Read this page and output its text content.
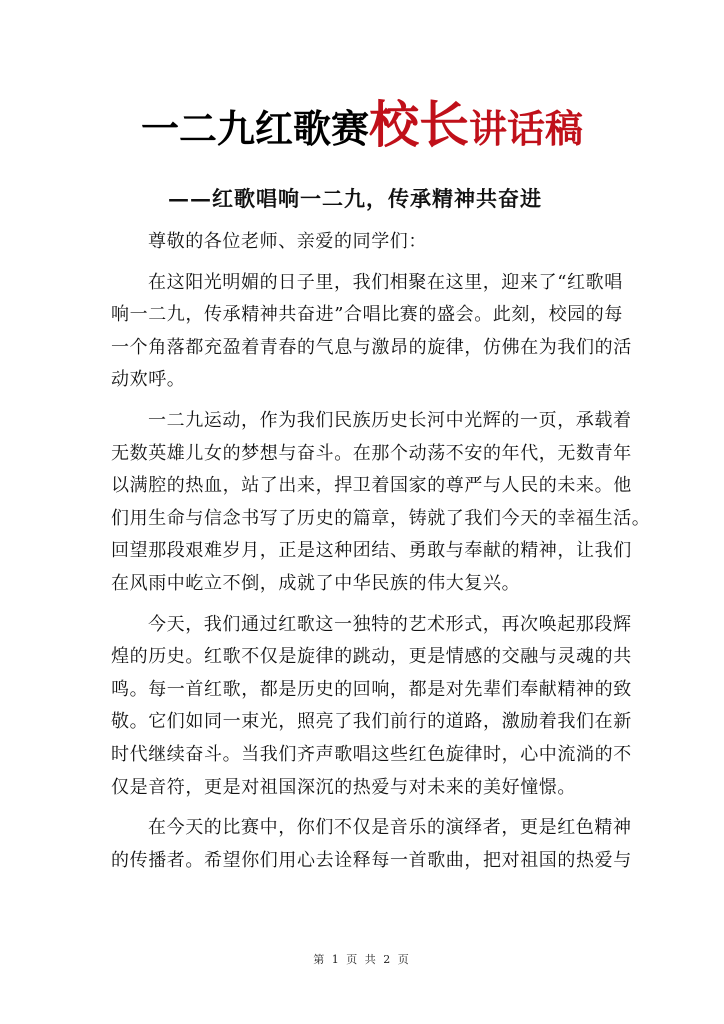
一二九红歌赛校长讲话稿
——红歌唱响一二九，传承精神共奋进
尊敬的各位老师、亲爱的同学们：
在这阳光明媚的日子里，我们相聚在这里，迎来了“红歌唱
响一二九，传承精神共奋进”合唱比赛的盛会。此刻，校园的每
一个角落都充盈着青春的气息与激昂的旋律，仿佛在为我们的活
动欢呼。
一二九运动，作为我们民族历史长河中光辉的一页，承载着
无数英雄儿女的梦想与奋斗。在那个动荡不安的年代，无数青年
以满腔的热血，站了出来，捍卫着国家的尊严与人民的未来。他
们用生命与信念书写了历史的篇章，铸就了我们今天的幸福生活。
回望那段艰难岁月，正是这种团结、勇敢与奉献的精神，让我们
在风雨中屹立不倒，成就了中华民族的伟大复兴。
今天，我们通过红歌这一独特的艺术形式，再次唤起那段辉
煌的历史。红歌不仅是旋律的跳动，更是情感的交融与灵魂的共
鸣。每一首红歌，都是历史的回响，都是对先辈们奉献精神的致
敬。它们如同一束光，照亮了我们前行的道路，激励着我们在新
时代继续奋斗。当我们齐声歌唱这些红色旋律时，心中流淌的不
仅是音符，更是对祖国深沉的热爱与对未来的美好憧憬。
在今天的比赛中，你们不仅是音乐的演绎者，更是红色精神
的传播者。希望你们用心去诠释每一首歌曲，把对祖国的热爱与
第 1 页 共 2 页
